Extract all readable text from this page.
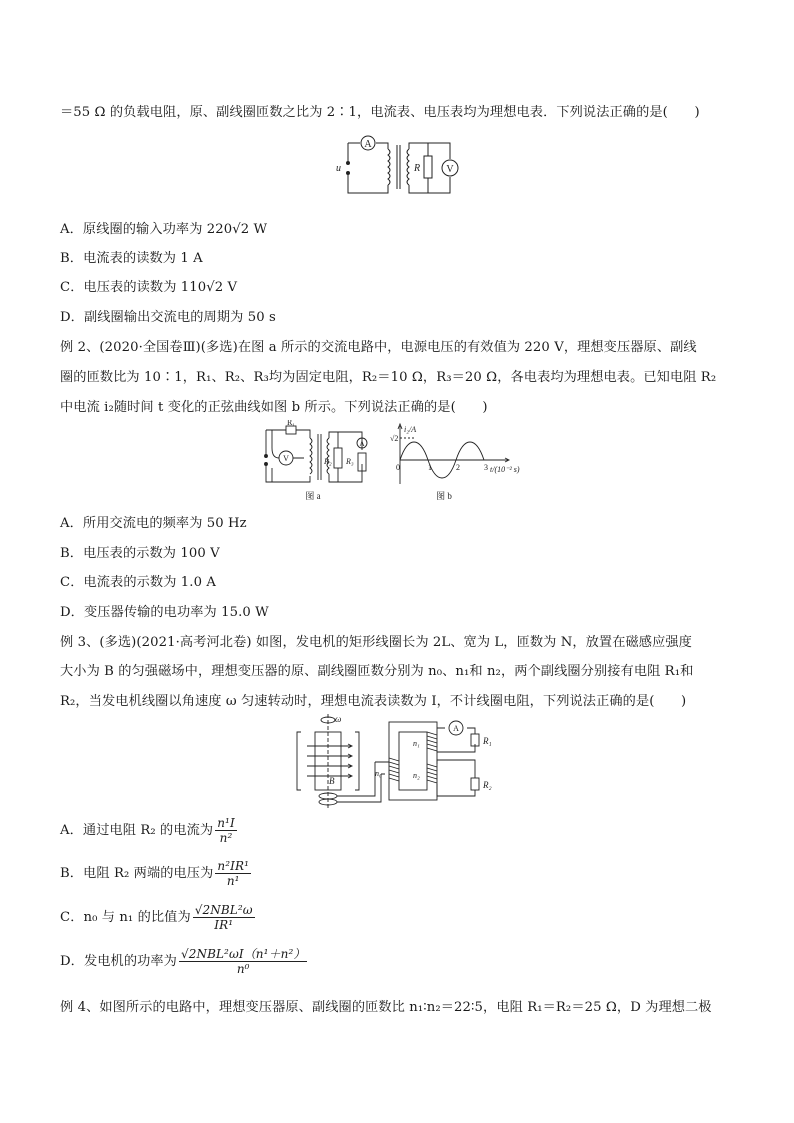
＝55 Ω 的负载电阻，原、副线圈匝数之比为 2∶1，电流表、电压表均为理想电表．下列说法正确的是(　　)
A
u	R	V
A．原线圈的输入功率为 220√2 W
B．电流表的读数为 1 A
C．电压表的读数为 110√2 V
D．副线圈输出交流电的周期为 50 s
例 2、(2020·全国卷Ⅲ)(多选)在图 a 所示的交流电路中，电源电压的有效值为 220 V，理想变压器原、副线
圈的匝数比为 10∶1，R₁、R₂、R₃均为固定电阻，R₂＝10 Ω，R₃＝20 Ω，各电表均为理想电表。已知电阻 R₂
中电流 i₂随时间 t 变化的正弦曲线如图 b 所示。下列说法正确的是(　　)
R₁
V	R₂
A
R₃
图 a
i₂/A
√2
0	1	2	3 t/(10⁻² s)
图 b
A．所用交流电的频率为 50 Hz
B．电压表的示数为 100 V
C．电流表的示数为 1.0 A
D．变压器传输的电功率为 15.0 W
例 3、(多选)(2021·高考河北卷) 如图，发电机的矩形线圈长为 2L、宽为 L，匝数为 N，放置在磁感应强度
大小为 B 的匀强磁场中，理想变压器的原、副线圈匝数分别为 n₀、n₁和 n₂，两个副线圈分别接有电阻 R₁和
R₂，当发电机线圈以角速度 ω 匀速转动时，理想电流表读数为 I，不计线圈电阻，下列说法正确的是(　　)
ω
B
n₀
n₁
n₂
A
R₁
R₂
A．通过电阻 R₂ 的电流为 $\frac{\text{n¹I}}{\text{n²}}$
B．电阻 R₂ 两端的电压为 $\frac{\text{n²IR¹}}{\text{n¹}}$
C．n₀ 与 n₁ 的比值为 $\frac{\text{√2NBL²ω}}{\text{IR¹}}$
D．发电机的功率为 $\frac{\text{√2NBL²ωI（n¹＋n²）}}{\text{n⁰}}$
例 4、如图所示的电路中，理想变压器原、副线圈的匝数比 n₁∶n₂＝22∶5，电阻 R₁＝R₂＝25 Ω，D 为理想二极
